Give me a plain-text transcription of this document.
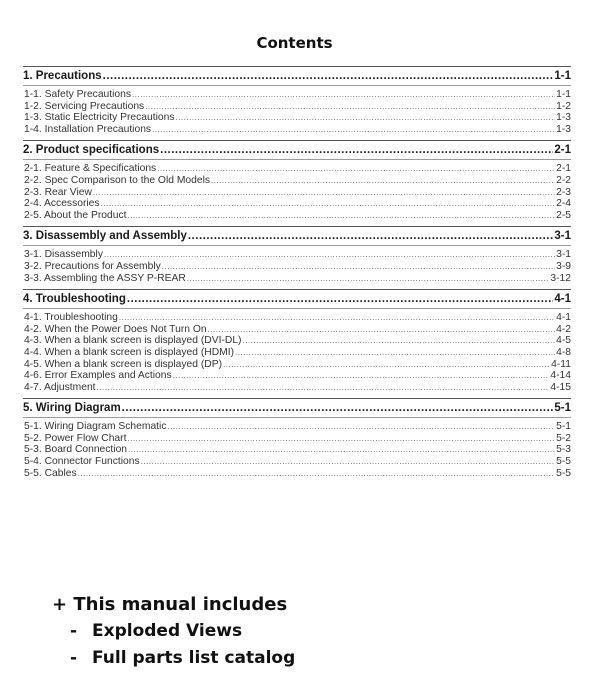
Contents
1. Precautions .....	1-1
1-1. Safety Precautions .....	1-1
1-2. Servicing Precautions .....	1-2
1-3. Static Electricity Precautions .....	1-3
1-4. Installation Precautions .....	1-3
2. Product specifications .....	2-1
2-1. Feature & Specifications .....	2-1
2-2. Spec Comparison to the Old Models .....	2-2
2-3. Rear View .....	2-3
2-4. Accessories .....	2-4
2-5. About the Product .....	2-5
3. Disassembly and Assembly .....	3-1
3-1. Disassembly .....	3-1
3-2. Precautions for Assembly .....	3-9
3-3. Assembling the ASSY P-REAR .....	3-12
4. Troubleshooting .....	4-1
4-1. Troubleshooting .....	4-1
4-2. When the Power Does Not Turn On .....	4-2
4-3. When a blank screen is displayed (DVI-DL) .....	4-5
4-4. When a blank screen is displayed (HDMI) .....	4-8
4-5. When a blank screen is displayed (DP) .....	4-11
4-6. Error Examples and Actions .....	4-14
4-7. Adjustment .....	4-15
5. Wiring Diagram .....	5-1
5-1. Wiring Diagram Schematic .....	5-1
5-2. Power Flow Chart .....	5-2
5-3. Board Connection .....	5-3
5-4. Connector Functions .....	5-5
5-5. Cables .....	5-5
+ This manual includes
- Exploded Views
- Full parts list catalog
